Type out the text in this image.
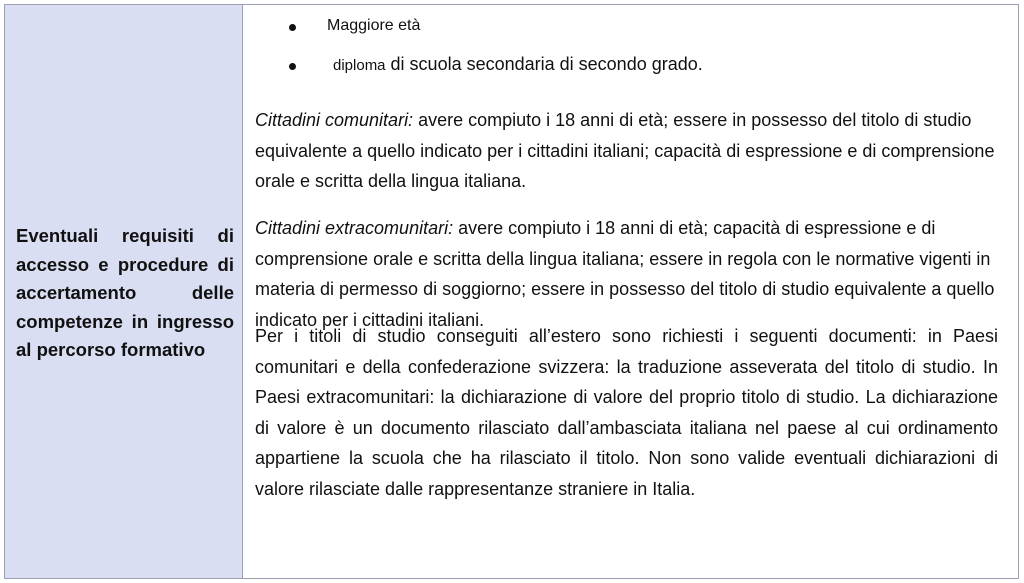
Eventuali requisiti di accesso e procedure di accertamento delle competenze in ingresso al percorso formativo
Maggiore età
diploma di scuola secondaria di secondo grado.

Cittadini comunitari: avere compiuto i 18 anni di età; essere in possesso del titolo di studio equivalente a quello indicato per i cittadini italiani; capacità di espressione e di comprensione orale e scritta della lingua italiana.

Cittadini extracomunitari: avere compiuto i 18 anni di età; capacità di espressione e di comprensione orale e scritta della lingua italiana; essere in regola con le normative vigenti in materia di permesso di soggiorno; essere in possesso del titolo di studio equivalente a quello indicato per i cittadini italiani.

Per i titoli di studio conseguiti all’estero sono richiesti i seguenti documenti: in Paesi comunitari e della confederazione svizzera: la traduzione asseverata del titolo di studio. In Paesi extracomunitari: la dichiarazione di valore del proprio titolo di studio. La dichiarazione di valore è un documento rilasciato dall’ambasciata italiana nel paese al cui ordinamento appartiene la scuola che ha rilasciato il titolo. Non sono valide eventuali dichiarazioni di valore rilasciate dalle rappresentanze straniere in Italia.
